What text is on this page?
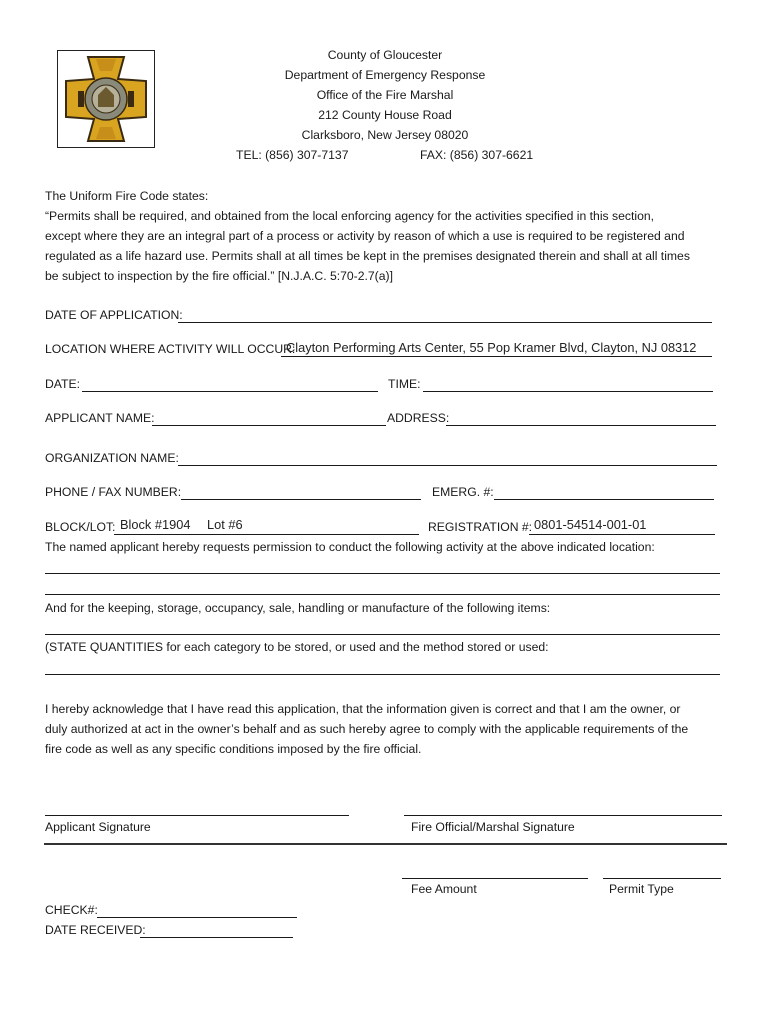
County of Gloucester
Department of Emergency Response
Office of the Fire Marshal
212 County House Road
Clarksboro, New Jersey 08020
TEL: (856) 307-7137	FAX: (856) 307-6621
The Uniform Fire Code states:
“Permits shall be required, and obtained from the local enforcing agency for the activities specified in this section,
except where they are an integral part of a process or activity by reason of which a use is required to be registered and
regulated as a life hazard use. Permits shall at all times be kept in the premises designated therein and shall at all times
be subject to inspection by the fire official.” [N.J.A.C. 5:70-2.7(a)]
DATE OF APPLICATION:
LOCATION WHERE ACTIVITY WILL OCCUR:
Clayton Performing Arts Center, 55 Pop Kramer Blvd, Clayton, NJ 08312
DATE:	TIME:
APPLICANT NAME:	ADDRESS:
ORGANIZATION NAME:
PHONE / FAX NUMBER:	EMERG. #:
BLOCK/LOT: Block #1904 Lot #6	REGISTRATION #: 0801-54514-001-01
The named applicant hereby requests permission to conduct the following activity at the above indicated location:
And for the keeping, storage, occupancy, sale, handling or manufacture of the following items:
(STATE QUANTITIES for each category to be stored, or used and the method stored or used:
I hereby acknowledge that I have read this application, that the information given is correct and that I am the owner, or
duly authorized at act in the owner’s behalf and as such hereby agree to comply with the applicable requirements of the
fire code as well as any specific conditions imposed by the fire official.
Applicant Signature	Fire Official/Marshal Signature
Fee Amount	Permit Type
CHECK#:
DATE RECEIVED:
